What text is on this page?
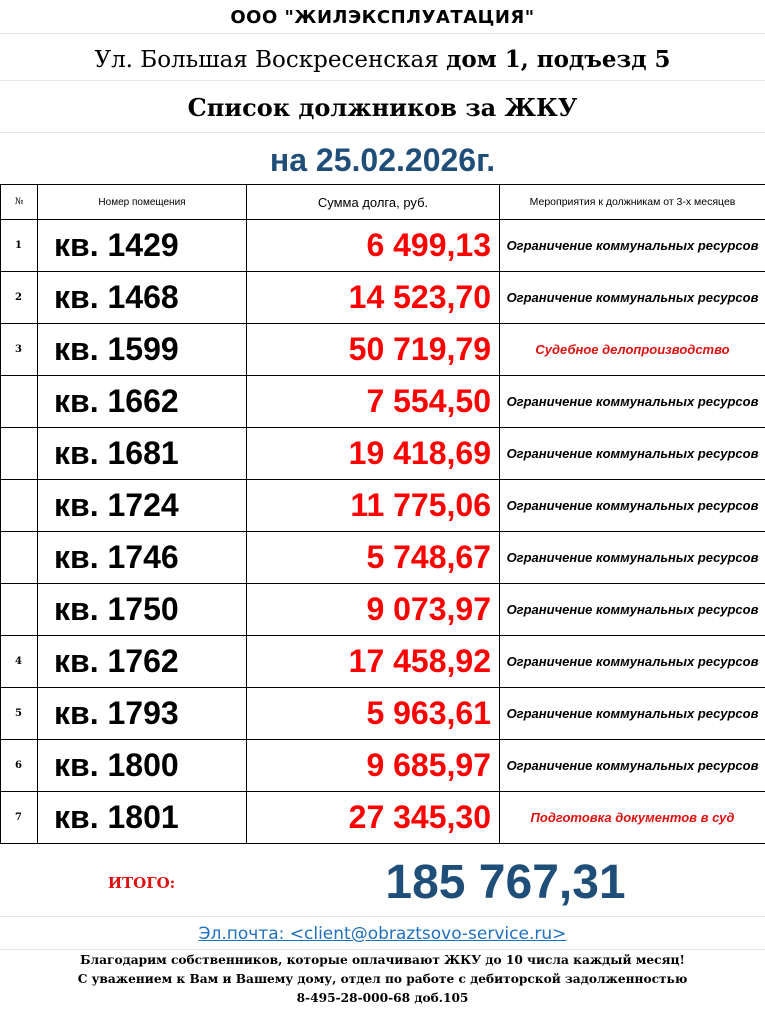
ООО "ЖИЛЭКСПЛУАТАЦИЯ"
Ул. Большая Воскресенская дом 1, подъезд 5
Список должников за ЖКУ
на 25.02.2026г.
№	Номер помещения	Сумма долга, руб.	Мероприятия к должникам от 3-х месяцев
1	кв. 1429	6 499,13	Ограничение коммунальных ресурсов
2	кв. 1468	14 523,70	Ограничение коммунальных ресурсов
3	кв. 1599	50 719,79	Судебное делопроизводство
	кв. 1662	7 554,50	Ограничение коммунальных ресурсов
	кв. 1681	19 418,69	Ограничение коммунальных ресурсов
	кв. 1724	11 775,06	Ограничение коммунальных ресурсов
	кв. 1746	5 748,67	Ограничение коммунальных ресурсов
	кв. 1750	9 073,97	Ограничение коммунальных ресурсов
4	кв. 1762	17 458,92	Ограничение коммунальных ресурсов
5	кв. 1793	5 963,61	Ограничение коммунальных ресурсов
6	кв. 1800	9 685,97	Ограничение коммунальных ресурсов
7	кв. 1801	27 345,30	Подготовка документов в суд
ИТОГО:	185 767,31
Эл.почта: <client@obraztsovo-service.ru>
Благодарим собственников, которые оплачивают ЖКУ до 10 числа каждый месяц!
С уважением к Вам и Вашему дому, отдел по работе с дебиторской задолженностью
8-495-28-000-68 доб.105
